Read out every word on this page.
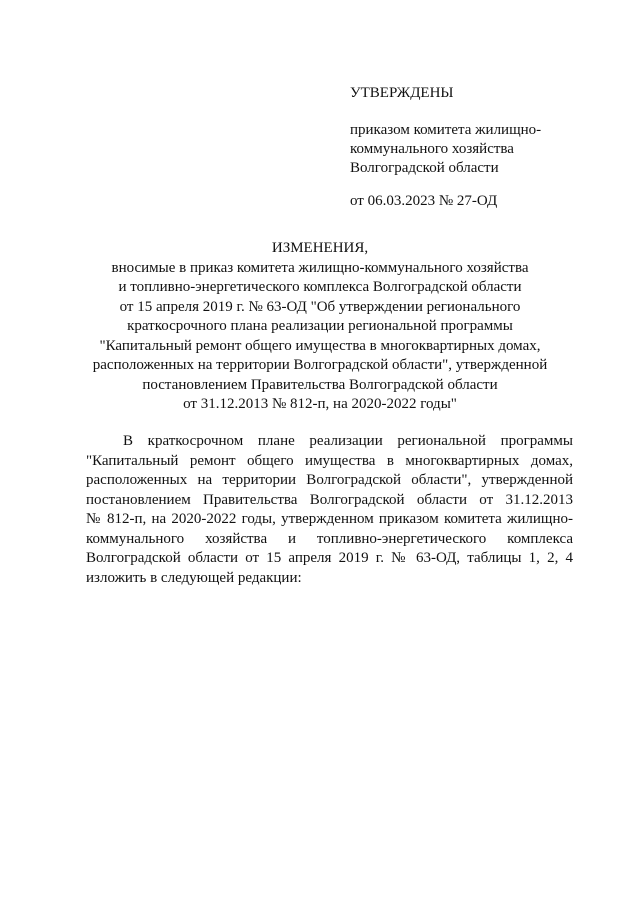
УТВЕРЖДЕНЫ
приказом комитета жилищно-
коммунального хозяйства
Волгоградской области
от 06.03.2023 № 27-ОД
ИЗМЕНЕНИЯ,
вносимые в приказ комитета жилищно-коммунального хозяйства
и топливно-энергетического комплекса Волгоградской области
от 15 апреля 2019 г. № 63-ОД "Об утверждении регионального
краткосрочного плана реализации региональной программы
"Капитальный ремонт общего имущества в многоквартирных домах,
расположенных на территории Волгоградской области", утвержденной
постановлением Правительства Волгоградской области
от 31.12.2013 № 812-п, на 2020-2022 годы"
В краткосрочном плане реализации региональной программы
"Капитальный ремонт общего имущества в многоквартирных домах,
расположенных на территории Волгоградской области", утвержденной
постановлением Правительства Волгоградской области от 31.12.2013
№ 812-п, на 2020-2022 годы, утвержденном приказом комитета жилищно-
коммунального хозяйства и топливно-энергетического комплекса
Волгоградской области от 15 апреля 2019 г. № 63-ОД, таблицы 1, 2, 4
изложить в следующей редакции:
